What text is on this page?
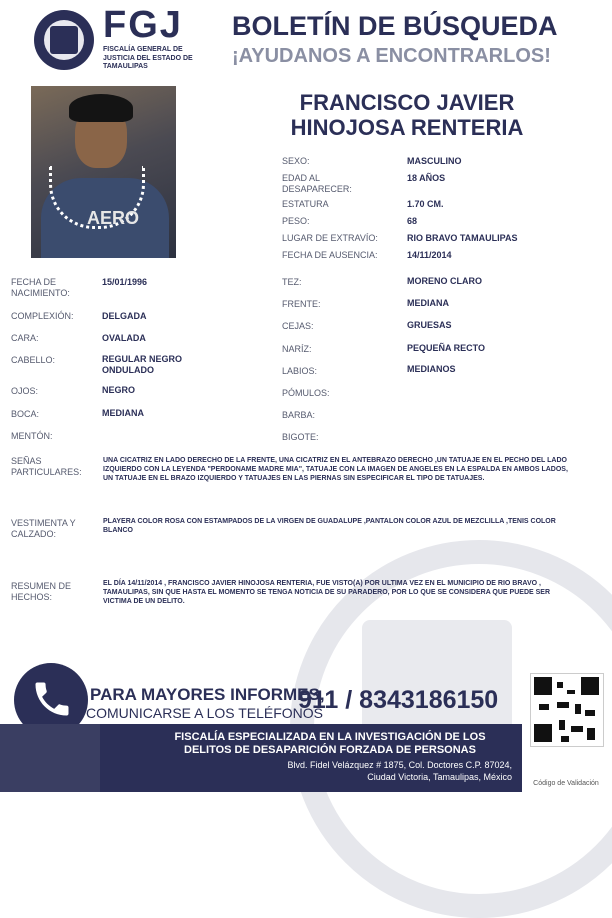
FGJ
FISCALÍA GENERAL DE JUSTICIA DEL ESTADO DE TAMAULIPAS
BOLETÍN DE BÚSQUEDA
¡AYUDANOS A ENCONTRARLOS!
AERO
FRANCISCO JAVIER
HINOJOSA RENTERIA
SEXO:	MASCULINO
EDAD AL DESAPARECER:
18 AÑOS
ESTATURA	1.70 CM.
PESO:	68
LUGAR DE EXTRAVÍO:	RIO BRAVO TAMAULIPAS
FECHA DE AUSENCIA:	14/11/2014
FECHA DE NACIMIENTO:
15/01/1996
COMPLEXIÓN:	DELGADA
CARA:	OVALADA
CABELLO:	REGULAR NEGRO ONDULADO
OJOS:	NEGRO
BOCA:	MEDIANA
MENTÓN:
TEZ:	MORENO CLARO
FRENTE:	MEDIANA
CEJAS:	GRUESAS
NARÍZ:	PEQUEÑA RECTO
LABIOS:	MEDIANOS
PÓMULOS:
BARBA:
BIGOTE:
SEÑAS PARTICULARES:
UNA CICATRIZ EN LADO DERECHO DE LA FRENTE, UNA CICATRIZ EN EL ANTEBRAZO DERECHO ,UN TATUAJE EN EL PECHO DEL LADO IZQUIERDO CON LA LEYENDA "PERDONAME MADRE MIA", TATUAJE CON LA IMAGEN DE ANGELES EN LA ESPALDA EN AMBOS LADOS, UN TATUAJE EN EL BRAZO IZQUIERDO Y TATUAJES EN LAS PIERNAS SIN ESPECIFICAR EL TIPO DE TATUAJES.
VESTIMENTA Y CALZADO:
PLAYERA COLOR ROSA CON ESTAMPADOS DE LA VIRGEN DE GUADALUPE ,PANTALON COLOR AZUL DE MEZCLILLA ,TENIS COLOR BLANCO
RESUMEN DE HECHOS:
EL DÍA 14/11/2014 , FRANCISCO JAVIER HINOJOSA RENTERIA, FUE VISTO(A) POR ULTIMA VEZ EN EL MUNICIPIO DE RIO BRAVO , TAMAULIPAS, SIN QUE HASTA EL MOMENTO SE TENGA NOTICIA DE SU PARADERO, POR LO QUE SE CONSIDERA QUE PUEDE SER VICTIMA DE UN DELITO.
PARA MAYORES INFORMES,
COMUNICARSE A LOS TELÉFONOS
911 / 8343186150
FISCALÍA ESPECIALIZADA EN LA INVESTIGACIÓN DE LOS
DELITOS DE DESAPARICIÓN FORZADA DE PERSONAS
Blvd. Fidel Velázquez # 1875, Col. Doctores C.P. 87024,
Ciudad Victoria, Tamaulipas, México
Código de Validación
